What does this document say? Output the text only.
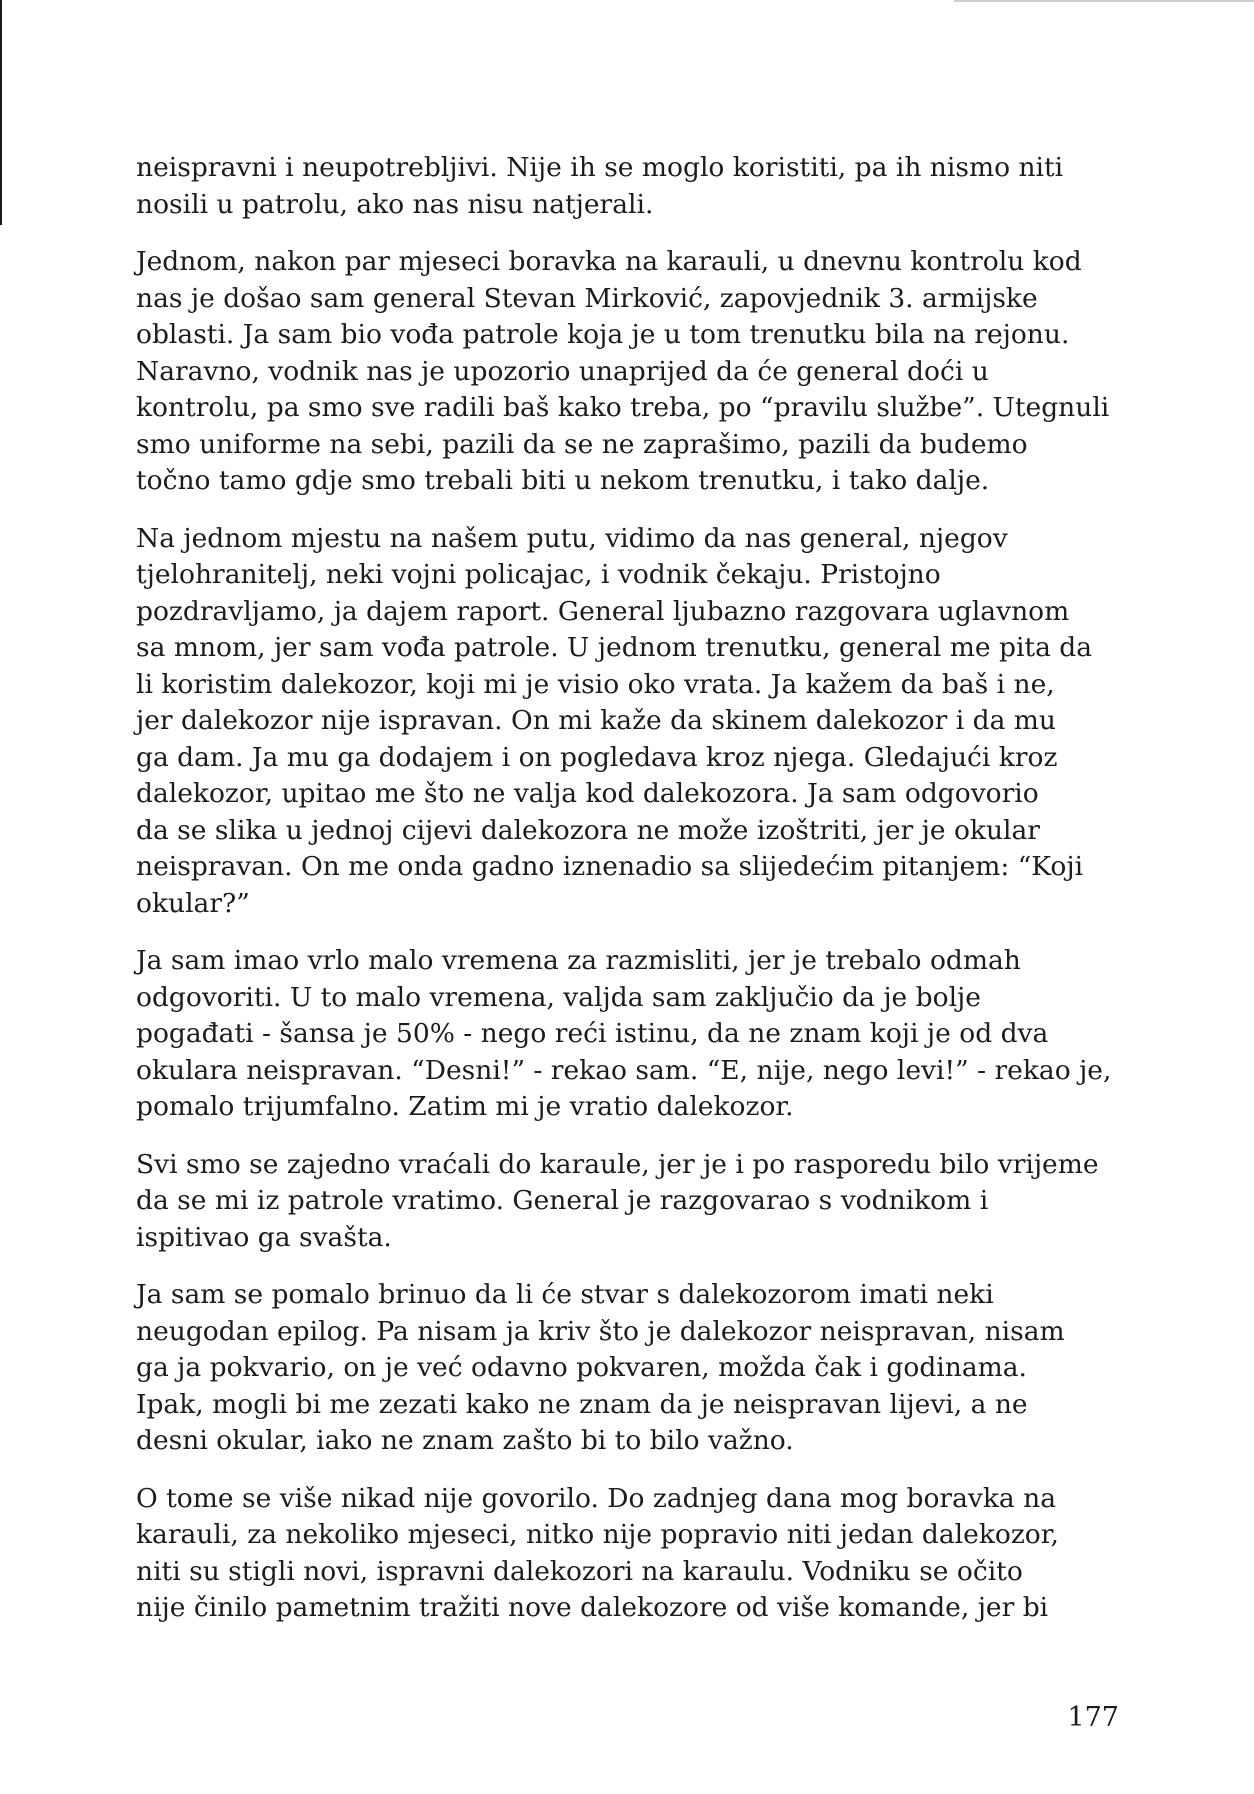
neispravni i neupotrebljivi. Nije ih se moglo koristiti, pa ih nismo niti
nosili u patrolu, ako nas nisu natjerali.

Jednom, nakon par mjeseci boravka na karauli, u dnevnu kontrolu kod
nas je došao sam general Stevan Mirković, zapovjednik 3. armijske
oblasti. Ja sam bio vođa patrole koja je u tom trenutku bila na rejonu.
Naravno, vodnik nas je upozorio unaprijed da će general doći u
kontrolu, pa smo sve radili baš kako treba, po “pravilu službe”. Utegnuli
smo uniforme na sebi, pazili da se ne zaprašimo, pazili da budemo
točno tamo gdje smo trebali biti u nekom trenutku, i tako dalje.

Na jednom mjestu na našem putu, vidimo da nas general, njegov
tjelohranitelj, neki vojni policajac, i vodnik čekaju. Pristojno
pozdravljamo, ja dajem raport. General ljubazno razgovara uglavnom
sa mnom, jer sam vođa patrole. U jednom trenutku, general me pita da
li koristim dalekozor, koji mi je visio oko vrata. Ja kažem da baš i ne,
jer dalekozor nije ispravan. On mi kaže da skinem dalekozor i da mu
ga dam. Ja mu ga dodajem i on pogledava kroz njega. Gledajući kroz
dalekozor, upitao me što ne valja kod dalekozora. Ja sam odgovorio
da se slika u jednoj cijevi dalekozora ne može izoštriti, jer je okular
neispravan. On me onda gadno iznenadio sa slijedećim pitanjem: “Koji
okular?”

Ja sam imao vrlo malo vremena za razmisliti, jer je trebalo odmah
odgovoriti. U to malo vremena, valjda sam zaključio da je bolje
pogađati - šansa je 50% - nego reći istinu, da ne znam koji je od dva
okulara neispravan. “Desni!” - rekao sam. “E, nije, nego levi!” - rekao je,
pomalo trijumfalno. Zatim mi je vratio dalekozor.

Svi smo se zajedno vraćali do karaule, jer je i po rasporedu bilo vrijeme
da se mi iz patrole vratimo. General je razgovarao s vodnikom i
ispitivao ga svašta.

Ja sam se pomalo brinuo da li će stvar s dalekozorom imati neki
neugodan epilog. Pa nisam ja kriv što je dalekozor neispravan, nisam
ga ja pokvario, on je već odavno pokvaren, možda čak i godinama.
Ipak, mogli bi me zezati kako ne znam da je neispravan lijevi, a ne
desni okular, iako ne znam zašto bi to bilo važno.

O tome se više nikad nije govorilo. Do zadnjeg dana mog boravka na
karauli, za nekoliko mjeseci, nitko nije popravio niti jedan dalekozor,
niti su stigli novi, ispravni dalekozori na karaulu. Vodniku se očito
nije činilo pametnim tražiti nove dalekozore od više komande, jer bi

177
